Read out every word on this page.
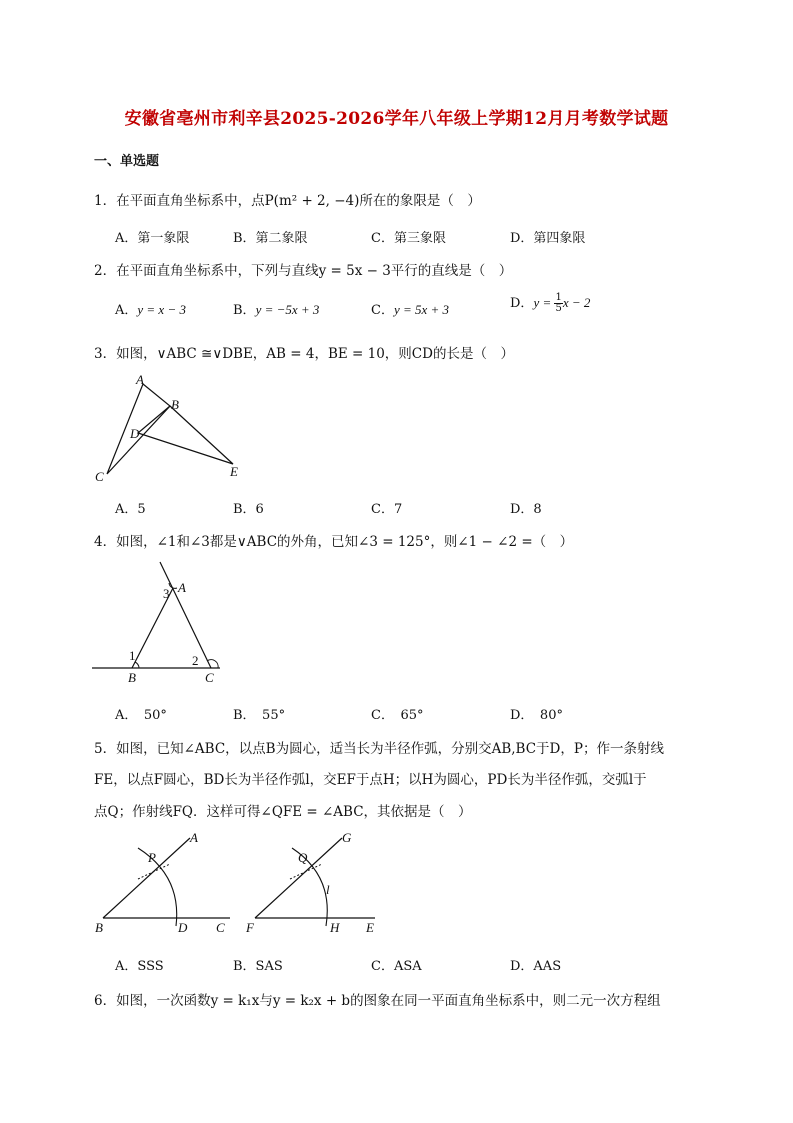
安徽省亳州市利辛县2025-2026学年八年级上学期12月月考数学试题
一、单选题
1．在平面直角坐标系中，点P(m² + 2, −4)所在的象限是（　）
A．第一象限	B．第二象限	C．第三象限	D．第四象限
2．在平面直角坐标系中，下列与直线y = 5x − 3平行的直线是（　）
A．y = x − 3	B．y = −5x + 3	C．y = 5x + 3	D．$y = \frac{1}{5}$ x − 2
3．如图，∨ABC ≅∨DBE，AB = 4，BE = 10，则CD的长是（　）
A
B
D
C	E
A．5	B．6	C．7	D．8
4．如图，∠1和∠3都是∨ABC的外角，已知∠3 = 125°，则∠1 − ∠2 =（　）
3 A
1	2
B	C
A．　50°	B．　55°	C．　65°	D．　80°
5．如图，已知∠ABC，以点B为圆心，适当长为半径作弧，分别交AB,BC于D，P；作一条射线
FE，以点F圆心，BD长为半径作弧l，交EF于点H；以H为圆心，PD长为半径作弧，交弧l于
点Q；作射线FQ．这样可得∠QFE = ∠ABC，其依据是（　）
A
P
B	D C
G
Q
l
F	H E
A．SSS	B．SAS	C．ASA	D．AAS
6．如图，一次函数y = k₁x与y = k₂x + b的图象在同一平面直角坐标系中，则二元一次方程组
